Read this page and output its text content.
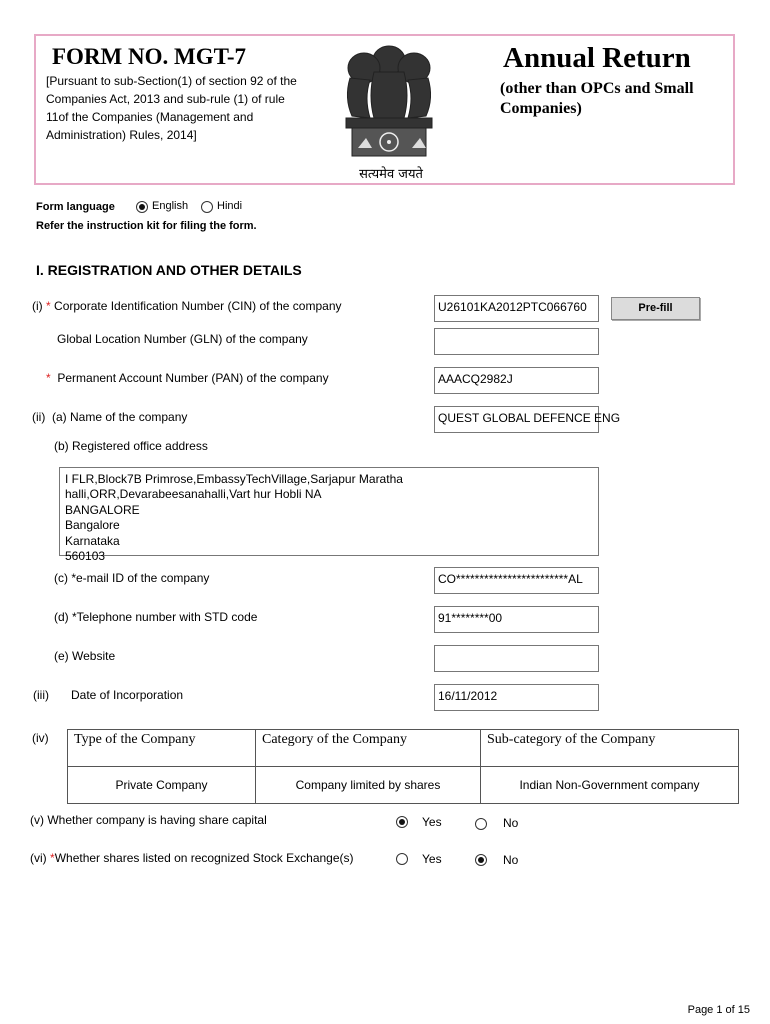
FORM NO. MGT-7
[Pursuant to sub-Section(1) of section 92 of the Companies Act, 2013 and sub-rule (1) of rule 11of the Companies (Management and Administration) Rules, 2014]
Annual Return
(other than OPCs and Small Companies)
सत्यमेव जयते
Form language	English	Hindi
Refer the instruction kit for filing the form.
I. REGISTRATION AND OTHER DETAILS
(i) * Corporate Identification Number (CIN) of the company	U26101KA2012PTC066760	Pre-fill
Global Location Number (GLN) of the company
* Permanent Account Number (PAN) of the company	AAACQ2982J
(ii) (a) Name of the company	QUEST GLOBAL DEFENCE ENG
(b) Registered office address
I FLR,Block7B Primrose,EmbassyTechVillage,Sarjapur Maratha
halli,ORR,Devarabeesanahalli,Vart hur Hobli NA
BANGALORE
Bangalore
Karnataka
560103
(c) *e-mail ID of the company	CO************************AL
(d) *Telephone number with STD code	91********00
(e) Website
(iii) Date of Incorporation	16/11/2012
(iv) Type of the Company	Category of the Company	Sub-category of the Company
Private Company	Company limited by shares	Indian Non-Government company
(v) Whether company is having share capital	Yes	No
(vi) *Whether shares listed on recognized Stock Exchange(s)	Yes	No
Page 1 of 15
